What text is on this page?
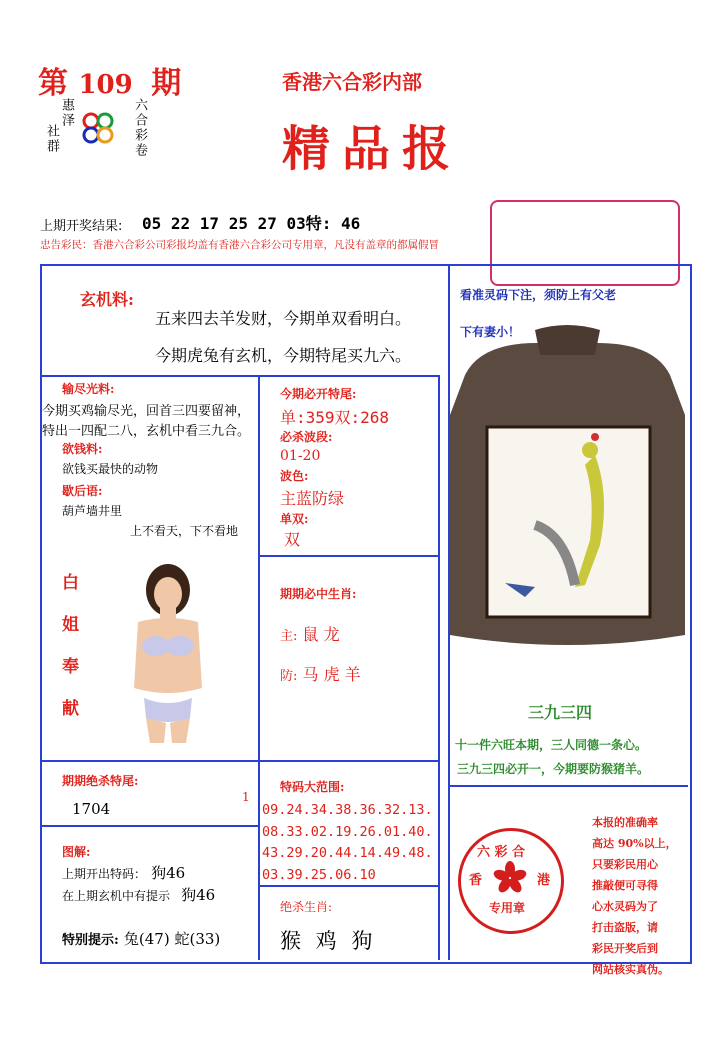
第 109 期
惠泽
社群
六合
彩卷
香港六合彩内部
精品报
上期开奖结果: 05 22 17 25 27 03特: 46
忠告彩民：香港六合彩公司彩报均盖有香港六合彩公司专用章，凡没有盖章的都属假冒
玄机料:
五来四去羊发财，今期单双看明白。
今期虎兔有玄机，今期特尾买九六。
输尽光料:
今期买鸡输尽光，回首三四要留神，
特出一四配二八，玄机中看三九合。
欲钱料:
欲钱买最快的动物
歇后语:
葫芦墙井里
上不看天，下不看地
白
姐
奉
献
今期必开特尾:
单:359双:268
必杀波段:
01-20
波色:
主蓝防绿
单双:
双
期期必中生肖:
主: 鼠 龙
防: 马 虎 羊
期期绝杀特尾:
1704
1
特码大范围:
09.24.34.38.36.32.13.
08.33.02.19.26.01.40.
43.29.20.44.14.49.48.
03.39.25.06.10
图解:
上期开出特码： 狗46
在上期玄机中有提示 狗46
特别提示: 兔(47) 蛇(33)
绝杀生肖:
猴 鸡 狗
看准灵码下注，须防上有父老
下有妻小！
三九三四
十一件六旺本期，三人同德一条心。
三九三四必开一，今期要防猴猪羊。
六 彩 合
香	港
专用章
本报的准确率
高达 90%以上，
只要彩民用心
推敲便可寻得
心水灵码为了
打击盗版，请
彩民开奖后到
网站核实真伪。
